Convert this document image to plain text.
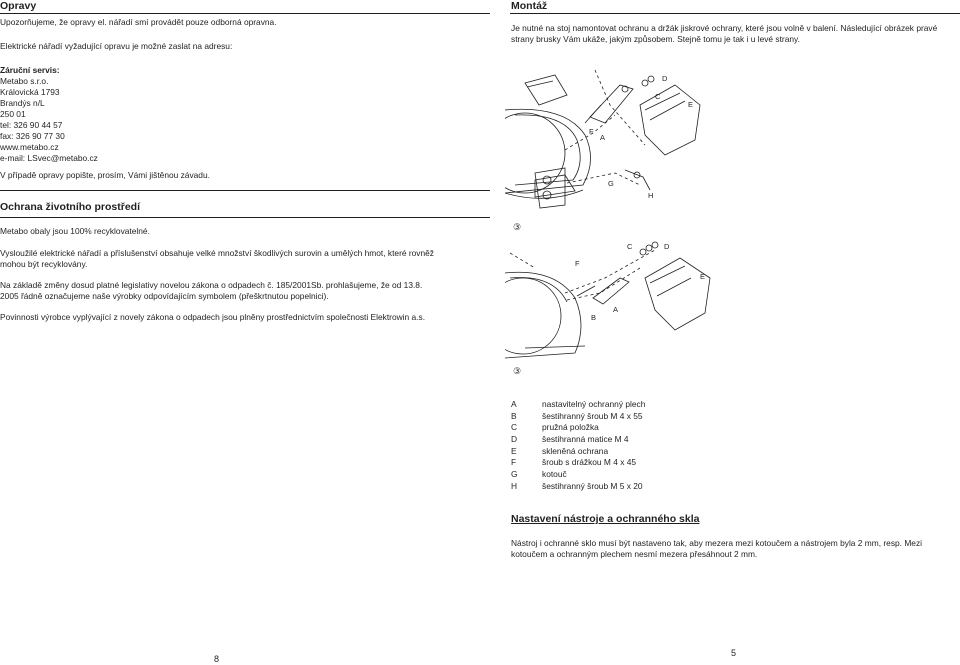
Opravy
Upozorňujeme, že opravy el. nářadí smí provádět pouze odborná opravna.
Elektrické nářadí vyžadující opravu je možné zaslat na adresu:
Záruční servis:
Metabo s.r.o.
Královická 1793
Brandýs n/L
250 01
tel: 326 90 44 57
fax: 326 90 77 30
www.metabo.cz
e-mail: LSvec@metabo.cz
V případě opravy popište, prosím, Vámi jištěnou závadu.
Ochrana životního prostředí
Metabo obaly jsou 100% recyklovatelné.
Vysloužilé elektrické nářadí a příslušenství obsahuje velké množství škodlivých surovin a umělých hmot, které rovněž
mohou být recyklovány.
Na základě změny dosud platné legislativy novelou zákona o odpadech č. 185/2001Sb. prohlašujeme, že od 13.8.
2005 řádně označujeme naše výrobky odpovídajícím symbolem (přeškrtnutou popelnici).
Povinnosti výrobce vyplývající z novely zákona o odpadech jsou plněny prostřednictvím společnosti Elektrowin a.s.
8
Montáž
Je nutné na stoj namontovat ochranu a držák jiskrové ochrany, které jsou volně v balení. Následující obrázek pravé
strany brusky Vám ukáže, jakým způsobem. Stejně tomu je tak i u levé strany.
D
C
E
F
A
G
H
③
C	D
F
E
B
A
③
A	nastavitelný ochranný plech
B	šestihranný šroub M 4 x 55
C	pružná položka
D	šestihranná matice M 4
E	skleněná ochrana
F	šroub s drážkou M 4 x 45
G	kotouč
H	šestihranný šroub M 5 x 20
Nastavení nástroje a ochranného skla
Nástroj i ochranné sklo musí být nastaveno tak, aby mezera mezi kotoučem a nástrojem byla 2 mm, resp. Mezi
kotoučem a ochranným plechem nesmí mezera přesáhnout 2 mm.
5
